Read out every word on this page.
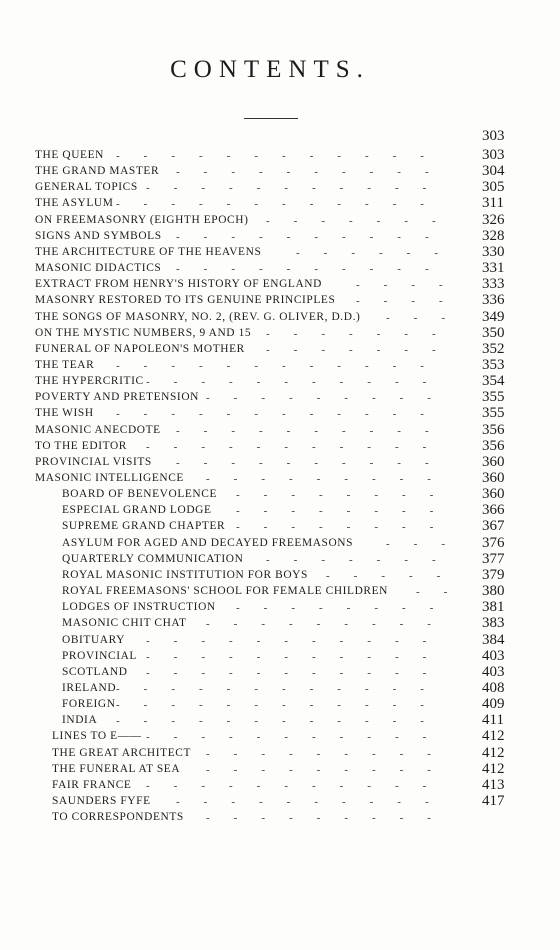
CONTENTS.
303
THE QUEEN ------------ 303
THE GRAND MASTER ---------- 304
GENERAL TOPICS ----------- 305
THE ASYLUM ------------ 311
ON FREEMASONRY (EIGHTH EPOCH) ------- 326
SIGNS AND SYMBOLS ---------- 328
THE ARCHITECTURE OF THE HEAVENS	------ 330
MASONIC DIDACTICS ---------- 331
EXTRACT FROM HENRY'S HISTORY OF ENGLAND	---- 333
MASONRY RESTORED TO ITS GENUINE PRINCIPLES ---- 336
THE SONGS OF MASONRY, NO. 2, (REV. G. OLIVER, D.D.) --- 349
ON THE MYSTIC NUMBERS, 9 AND 15 ------- 350
FUNERAL OF NAPOLEON'S MOTHER ------- 352
THE TEAR ------------ 353
THE HYPERCRITIC ----------- 354
POVERTY AND PRETENSION --------- 355
THE WISH ------------ 355
MASONIC ANECDOTE ---------- 356
TO THE EDITOR ----------- 356
PROVINCIAL VISITS ---------- 360
MASONIC INTELLIGENCE --------- 360
BOARD OF BENEVOLENCE -------- 360
ESPECIAL GRAND LODGE -------- 366
SUPREME GRAND CHAPTER -------- 367
ASYLUM FOR AGED AND DECAYED FREEMASONS	--- 376
QUARTERLY COMMUNICATION ------- 377
ROYAL MASONIC INSTITUTION FOR BOYS ----- 379
ROYAL FREEMASONS' SCHOOL FOR FEMALE CHILDREN	-- 380
LODGES OF INSTRUCTION -------- 381
MASONIC CHIT CHAT --------- 383
OBITUARY ----------- 384
PROVINCIAL ----------- 403
SCOTLAND ----------- 403
IRELAND ------------ 408
FOREIGN ------------ 409
INDIA ------------ 411
LINES TO E—— ----------- 412
THE GREAT ARCHITECT --------- 412
THE FUNERAL AT SEA --------- 412
FAIR FRANCE ----------- 413
SAUNDERS FYFE ---------- 417
TO CORRESPONDENTS ---------
